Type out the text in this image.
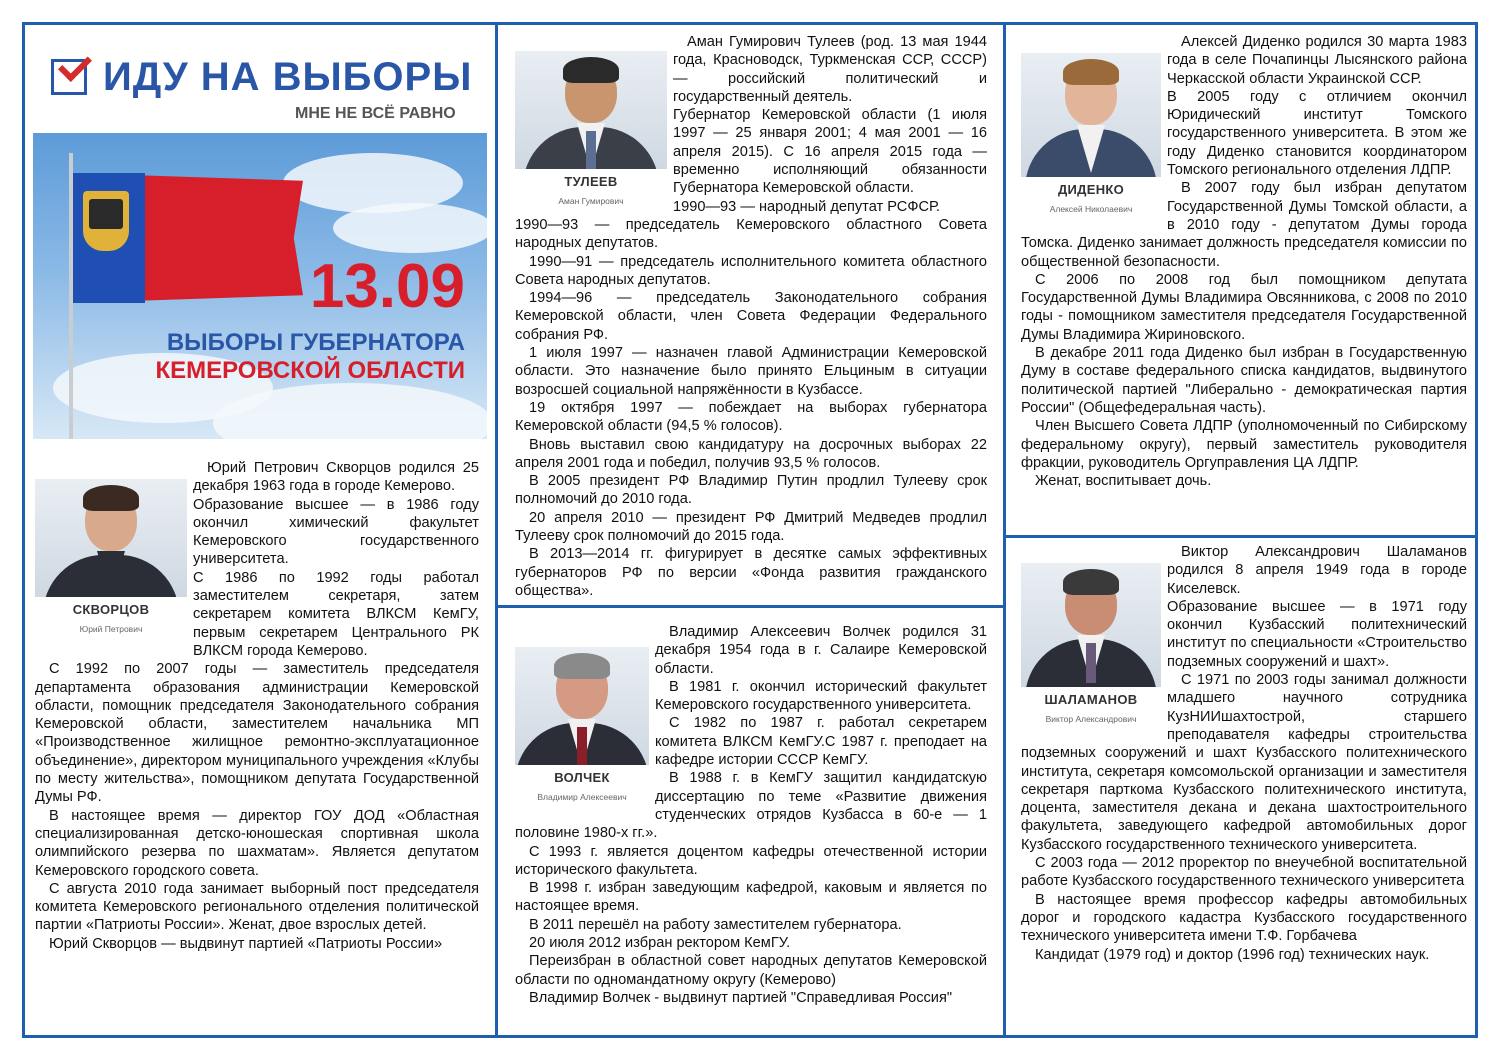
ИДУ НА ВЫБОРЫ
МНЕ НЕ ВСЁ РАВНО
13.09
ВЫБОРЫ ГУБЕРНАТОРА
КЕМЕРОВСКОЙ ОБЛАСТИ
СКВОРЦОВ
Юрий Петрович

Юрий Петрович Скворцов родился 25 декабря 1963 года в городе Кемерово.

Образование высшее — в 1986 году окончил химический факультет Кемеровского государственного университета.

С 1986 по 1992 годы работал заместителем секретаря, затем секретарем комитета ВЛКСМ КемГУ, первым секретарем Центрального РК ВЛКСМ города Кемерово.

С 1992 по 2007 годы — заместитель председателя департамента образования администрации Кемеровской области, помощник председателя Законодательного собрания Кемеровской области, заместителем начальника МП «Производственное жилищное ремонтно-эксплуатационное объединение», директором муниципального учреждения «Клубы по месту жительства», помощником депутата Государственной Думы РФ.

В настоящее время — директор ГОУ ДОД «Областная специализированная детско-юношеская спортивная школа олимпийского резерва по шахматам». Является депутатом Кемеровского городского совета.

С августа 2010 года занимает выборный пост председателя комитета Кемеровского регионального отделения политической партии «Патриоты России». Женат, двое взрослых детей.

Юрий Скворцов — выдвинут партией «Патриоты России»

ТУЛЕЕВ
Аман Гумирович

Аман Гумирович Тулеев (род. 13 мая 1944 года, Красноводск, Туркменская ССР, СССР) — российский политический и государственный деятель.

Губернатор Кемеровской области (1 июля 1997 — 25 января 2001; 4 мая 2001 — 16 апреля 2015). С 16 апреля 2015 года — временно исполняющий обязанности Губернатора Кемеровской области.

1990—93 — народный депутат РСФСР.

1990—93 — председатель Кемеровского областного Совета народных депутатов.

1990—91 — председатель исполнительного комитета областного Совета народных депутатов.

1994—96 — председатель Законодательного собрания Кемеровской области, член Совета Федерации Федерального собрания РФ.

1 июля 1997 — назначен главой Администрации Кемеровской области. Это назначение было принято Ельциным в ситуации возросшей социальной напряжённости в Кузбассе.

19 октября 1997 — побеждает на выборах губернатора Кемеровской области (94,5 % голосов).

Вновь выставил свою кандидатуру на досрочных выборах 22 апреля 2001 года и победил, получив 93,5 % голосов.

В 2005 президент РФ Владимир Путин продлил Тулееву срок полномочий до 2010 года.

20 апреля 2010 — президент РФ Дмитрий Медведев продлил Тулееву срок полномочий до 2015 года.

В 2013—2014 гг. фигурирует в десятке самых эффективных губернаторов РФ по версии «Фонда развития гражданского общества».

ВОЛЧЕК
Владимир Алексеевич

Владимир Алексеевич Волчек родился 31 декабря 1954 года в г. Салаире Кемеровской области.

В 1981 г. окончил исторический факультет Кемеровского государственного университета.

С 1982 по 1987 г. работал секретарем комитета ВЛКСМ КемГУ.С 1987 г. преподает на кафедре истории СССР КемГУ.

В 1988 г. в КемГУ защитил кандидатскую диссертацию по теме «Развитие движения студенческих отрядов Кузбасса в 60-е — 1 половине 1980-х гг.».

С 1993 г. является доцентом кафедры отечественной истории исторического факультета.

В 1998 г. избран заведующим кафедрой, каковым и является по настоящее время.

В 2011 перешёл на работу заместителем губернатора.

20 июля 2012 избран ректором КемГУ.

Переизбран в областной совет народных депутатов Кемеровской области по одномандатному округу (Кемерово)

Владимир Волчек - выдвинут партией "Справедливая Россия"

ДИДЕНКО
Алексей Николаевич

Алексей Диденко родился 30 марта 1983 года в селе Почапинцы Лысянского района Черкасской области Украинской ССР.

В 2005 году с отличием окончил Юридический институт Томского государственного университета. В этом же году Диденко становится координатором Томского регионального отделения ЛДПР.

В 2007 году был избран депутатом Государственной Думы Томской области, а в 2010 году - депутатом Думы города Томска. Диденко занимает должность председателя комиссии по общественной безопасности.

С 2006 по 2008 год был помощником депутата Государственной Думы Владимира Овсянникова, с 2008 по 2010 годы - помощником заместителя председателя Государственной Думы Владимира Жириновского.

В декабре 2011 года Диденко был избран в Государственную Думу в составе федерального списка кандидатов, выдвинутого политической партией "Либерально - демократическая партия России" (Общефедеральная часть).

Член Высшего Совета ЛДПР (уполномоченный по Сибирскому федеральному округу), первый заместитель руководителя фракции, руководитель Оргуправления ЦА ЛДПР.

Женат, воспитывает дочь.

ШАЛАМАНОВ
Виктор Александрович

Виктор Александрович Шаламанов родился 8 апреля 1949 года в городе Киселевск.

Образование высшее — в 1971 году окончил Кузбасский политехнический институт по специальности «Строительство подземных сооружений и шахт».

С 1971 по 2003 годы занимал должности младшего научного сотрудника КузНИИшахтострой, старшего преподавателя кафедры строительства подземных сооружений и шахт Кузбасского политехнического института, секретаря комсомольской организации и заместителя секретаря парткома Кузбасского политехнического института, доцента, заместителя декана и декана шахтостроительного факультета, заведующего кафедрой автомобильных дорог Кузбасского государственного технического университета.

С 2003 года — 2012 проректор по внеучебной воспитательной работе Кузбасского государственного технического университета

В настоящее время профессор кафедры автомобильных дорог и городского кадастра Кузбасского государственного технического университета имени Т.Ф. Горбачева

Кандидат (1979 год) и доктор (1996 год) технических наук.
